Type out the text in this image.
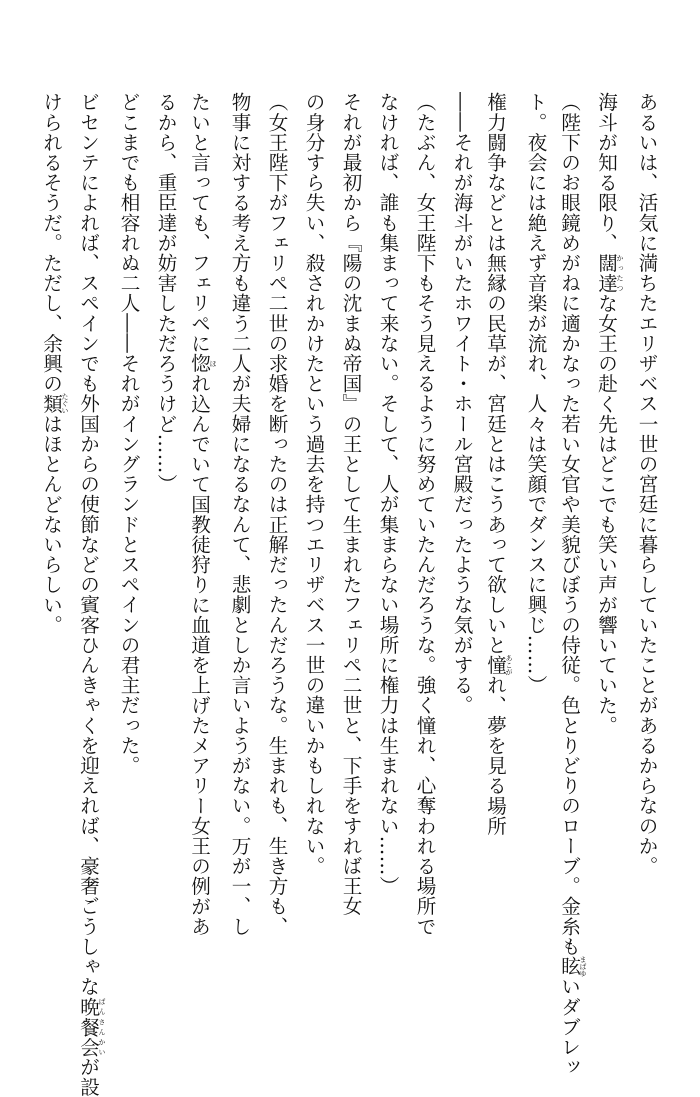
あるいは、活気に満ちたエリザベス一世の宮廷に暮らしていたことがあるからなのか。
海斗が知る限り、闊達かったつな女王の赴く先はどこでも笑い声が響いていた。
（陛下のお眼鏡めがねに適かなった若い女官や美貌びぼうの侍従。色とりどりのローブ。金糸も眩まばゆいダブレッ
ト。夜会には絶えず音楽が流れ、人々は笑顔でダンスに興じ……）
権力闘争などとは無縁の民草が、宮廷とはこうあって欲しいと憧あこがれ、夢を見る場所
――それが海斗がいたホワイト・ホール宮殿だったような気がする。
（たぶん、女王陛下もそう見えるように努めていたんだろうな。強く憧れ、心奪われる場所で
なければ、誰も集まって来ない。そして、人が集まらない場所に権力は生まれない……）
それが最初から『陽の沈まぬ帝国』の王として生まれたフェリペ二世と、下手をすれば王女
の身分すら失い、殺されかけたという過去を持つエリザベス一世の違いかもしれない。
（女王陛下がフェリペ二世の求婚を断ったのは正解だったんだろうな。生まれも、生き方も、
物事に対する考え方も違う二人が夫婦になるなんて、悲劇としか言いようがない。万が一、し
たいと言っても、フェリペに惚ほれ込んでいて国教徒狩りに血道を上げたメアリー女王の例があ
るから、重臣達が妨害しただろうけど……）
どこまでも相容れぬ二人――それがイングランドとスペインの君主だった。
ビセンテによれば、スペインでも外国からの使節などの賓客ひんきゃくを迎えれば、豪奢ごうしゃな晩餐会ばんさんかいが設
けられるそうだ。ただし、余興の類たぐいはほとんどないらしい。
